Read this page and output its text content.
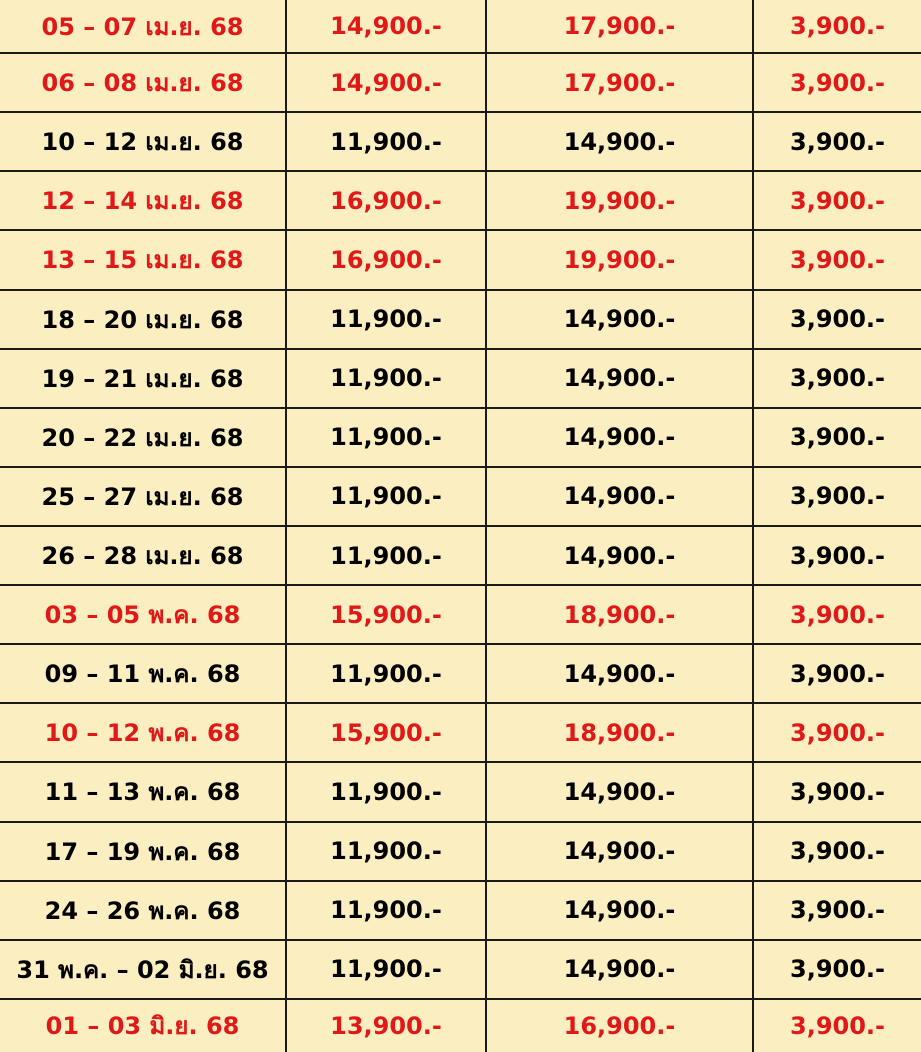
05 – 07 เม.ย. 68	14,900.-	17,900.-	3,900.-
06 – 08 เม.ย. 68	14,900.-	17,900.-	3,900.-
10 – 12 เม.ย. 68	11,900.-	14,900.-	3,900.-
12 – 14 เม.ย. 68	16,900.-	19,900.-	3,900.-
13 – 15 เม.ย. 68	16,900.-	19,900.-	3,900.-
18 – 20 เม.ย. 68	11,900.-	14,900.-	3,900.-
19 – 21 เม.ย. 68	11,900.-	14,900.-	3,900.-
20 – 22 เม.ย. 68	11,900.-	14,900.-	3,900.-
25 – 27 เม.ย. 68	11,900.-	14,900.-	3,900.-
26 – 28 เม.ย. 68	11,900.-	14,900.-	3,900.-
03 – 05 พ.ค. 68	15,900.-	18,900.-	3,900.-
09 – 11 พ.ค. 68	11,900.-	14,900.-	3,900.-
10 – 12 พ.ค. 68	15,900.-	18,900.-	3,900.-
11 – 13 พ.ค. 68	11,900.-	14,900.-	3,900.-
17 – 19 พ.ค. 68	11,900.-	14,900.-	3,900.-
24 – 26 พ.ค. 68	11,900.-	14,900.-	3,900.-
31 พ.ค. – 02 มิ.ย. 68	11,900.-	14,900.-	3,900.-
01 – 03 มิ.ย. 68	13,900.-	16,900.-	3,900.-
